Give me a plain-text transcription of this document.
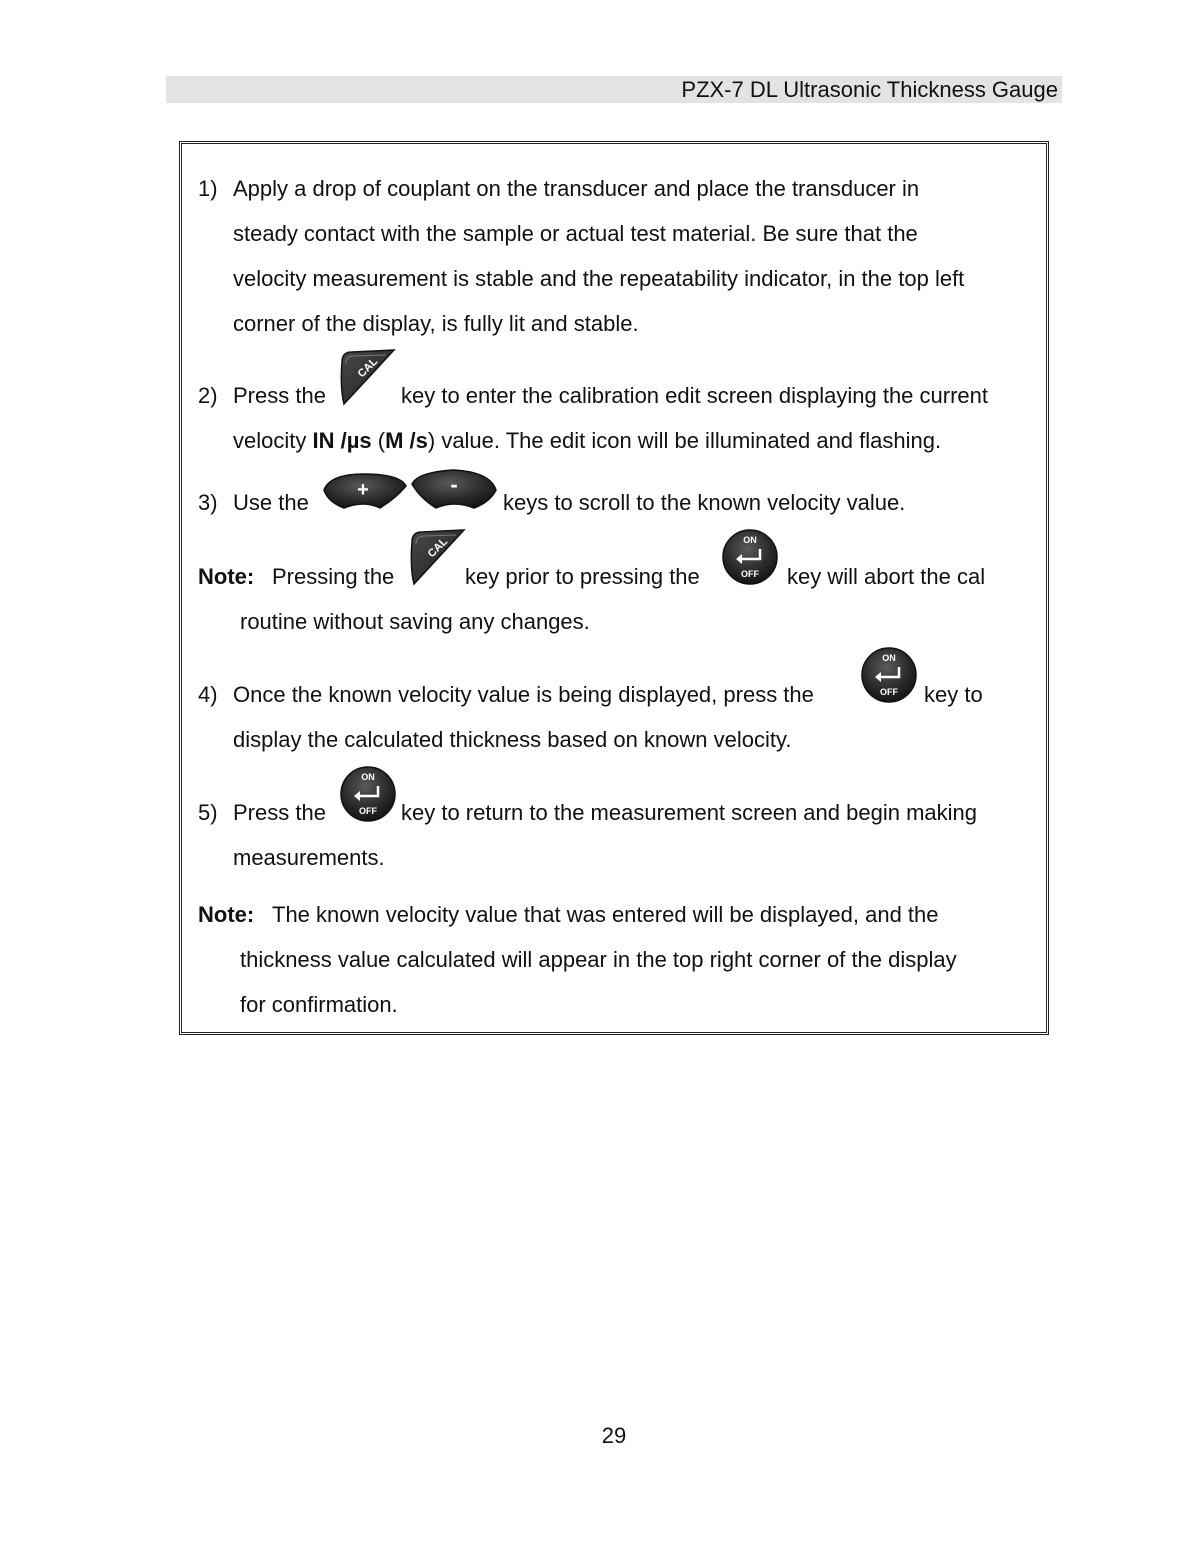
PZX-7 DL Ultrasonic Thickness Gauge
1) Apply a drop of couplant on the transducer and place the transducer in
steady contact with the sample or actual test material. Be sure that the
velocity measurement is stable and the repeatability indicator, in the top left
corner of the display, is fully lit and stable.
2) Press the
CAL
key to enter the calibration edit screen displaying the current
velocity IN /µs (M /s) value. The edit icon will be illuminated and flashing.
3) Use the +	-
keys to scroll to the known velocity value.
Note: Pressing the
CAL
key prior to pressing the
ON
OFF key will abort the cal
routine without saving any changes.
4) Once the known velocity value is being displayed, press the
ON
OFF key to
display the calculated thickness based on known velocity.
5) Press the
ON
OFF key to return to the measurement screen and begin making
measurements.
Note: The known velocity value that was entered will be displayed, and the
thickness value calculated will appear in the top right corner of the display
for confirmation.
29
